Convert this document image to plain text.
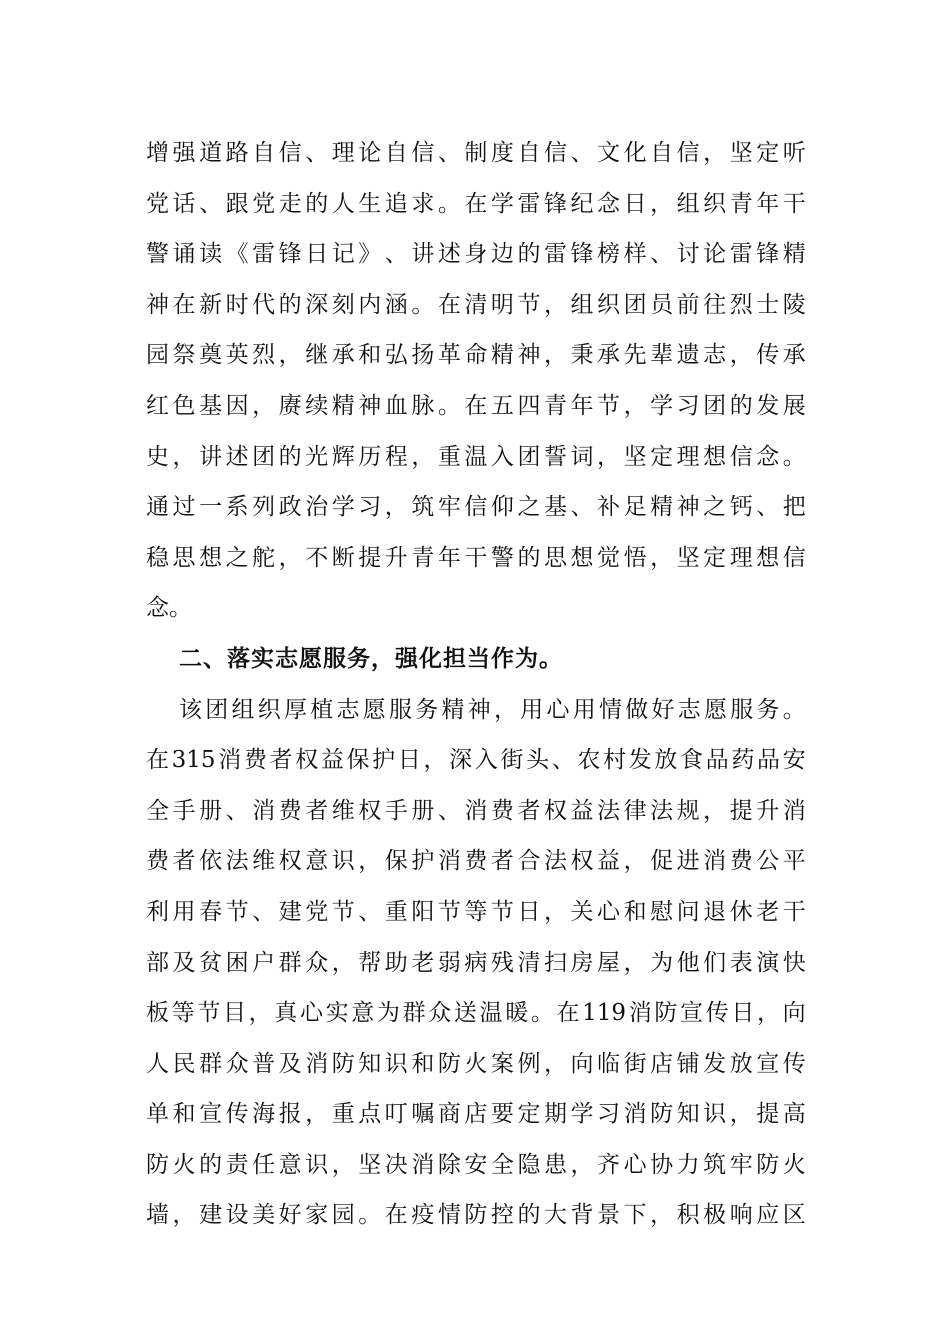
增 强 道 路 自 信 、 理 论 自 信 、 制 度 自 信 、 文 化 自 信 ， 坚 定 听
党 话 、 跟 党 走 的 人 生 追 求 。 在 学 雷 锋 纪 念 日 ， 组 织 青 年 干
警 诵 读 《 雷 锋 日 记 》 、 讲 述 身 边 的 雷 锋 榜 样 、 讨 论 雷 锋 精
神 在 新 时 代 的 深 刻 内 涵 。 在 清 明 节 ， 组 织 团 员 前 往 烈 士 陵
园 祭 奠 英 烈 ， 继 承 和 弘 扬 革 命 精 神 ， 秉 承 先 辈 遗 志 ， 传 承
红 色 基 因 ， 赓 续 精 神 血 脉 。 在 五 四 青 年 节 ， 学 习 团 的 发 展
史 ， 讲 述 团 的 光 辉 历 程 ， 重 温 入 团 誓 词 ， 坚 定 理 想 信 念 。
通 过 一 系 列 政 治 学 习 ， 筑 牢 信 仰 之 基 、 补 足 精 神 之 钙 、 把
稳 思 想 之 舵 ， 不 断 提 升 青 年 干 警 的 思 想 觉 悟 ， 坚 定 理 想 信
念。
二、落实志愿服务，强化担当作为。
该 团 组 织 厚 植 志 愿 服 务 精 神 ， 用 心 用 情 做 好 志 愿 服 务 。
在 315 消 费 者 权 益 保 护 日 ， 深 入 街 头 、 农 村 发 放 食 品 药 品 安
全 手 册 、 消 费 者 维 权 手 册 、 消 费 者 权 益 法 律 法 规 ， 提 升 消
费 者 依 法 维 权 意 识 ， 保 护 消 费 者 合 法 权 益 ， 促 进 消 费 公 平
利 用 春 节 、 建 党 节 、 重 阳 节 等 节 日 ， 关 心 和 慰 问 退 休 老 干
部 及 贫 困 户 群 众 ， 帮 助 老 弱 病 残 清 扫 房 屋 ， 为 他 们 表 演 快
板 等 节 目 ， 真 心 实 意 为 群 众 送 温 暖 。 在 119 消 防 宣 传 日 ， 向
人 民 群 众 普 及 消 防 知 识 和 防 火 案 例 ， 向 临 街 店 铺 发 放 宣 传
单 和 宣 传 海 报 ， 重 点 叮 嘱 商 店 要 定 期 学 习 消 防 知 识 ， 提 高
防 火 的 责 任 意 识 ， 坚 决 消 除 安 全 隐 患 ， 齐 心 协 力 筑 牢 防 火
墙 ， 建 设 美 好 家 园 。 在 疫 情 防 控 的 大 背 景 下 ， 积 极 响 应 区
